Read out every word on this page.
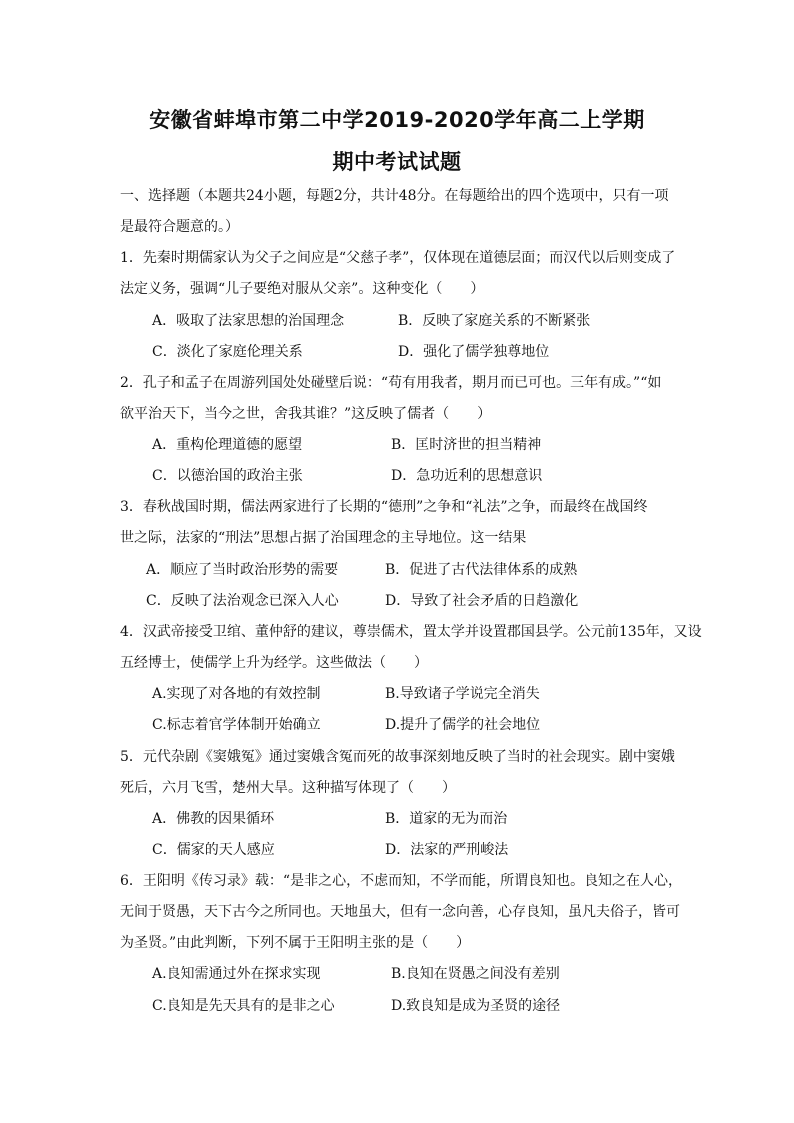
安徽省蚌埠市第二中学2019-2020学年高二上学期
期中考试试题
一、选择题（本题共24小题，每题2分，共计48分。在每题给出的四个选项中，只有一项
是最符合题意的。）
1．先秦时期儒家认为父子之间应是“父慈子孝”，仅体现在道德层面；而汉代以后则变成了
法定义务，强调“儿子要绝对服从父亲”。这种变化（　　）
A．吸取了法家思想的治国理念	B．反映了家庭关系的不断紧张
C．淡化了家庭伦理关系	D．强化了儒学独尊地位
2．孔子和孟子在周游列国处处碰壁后说：“苟有用我者，期月而已可也。三年有成。”“如
欲平治天下，当今之世，舍我其谁？”这反映了儒者（　　）
A．重构伦理道德的愿望	B．匡时济世的担当精神
C．以德治国的政治主张	D．急功近利的思想意识
3．春秋战国时期，儒法两家进行了长期的“德刑”之争和“礼法”之争，而最终在战国终
世之际，法家的“刑法”思想占据了治国理念的主导地位。这一结果
A．顺应了当时政治形势的需要	B．促进了古代法律体系的成熟
C．反映了法治观念已深入人心	D．导致了社会矛盾的日趋激化
4．汉武帝接受卫绾、董仲舒的建议，尊崇儒术，置太学并设置郡国县学。公元前135年，又设
五经博士，使儒学上升为经学。这些做法（　　）
A.实现了对各地的有效控制	B.导致诸子学说完全消失
C.标志着官学体制开始确立	D.提升了儒学的社会地位
5．元代杂剧《窦娥冤》通过窦娥含冤而死的故事深刻地反映了当时的社会现实。剧中窦娥
死后，六月飞雪，楚州大旱。这种描写体现了（　　）
A．佛教的因果循环	B．道家的无为而治
C．儒家的天人感应	D．法家的严刑峻法
6．王阳明《传习录》载：“是非之心，不虑而知，不学而能，所谓良知也。良知之在人心，
无间于贤愚，天下古今之所同也。天地虽大，但有一念向善，心存良知，虽凡夫俗子，皆可
为圣贤。”由此判断，下列不属于王阳明主张的是（　　）
A.良知需通过外在探求实现	B.良知在贤愚之间没有差别
C.良知是先天具有的是非之心	D.致良知是成为圣贤的途径
